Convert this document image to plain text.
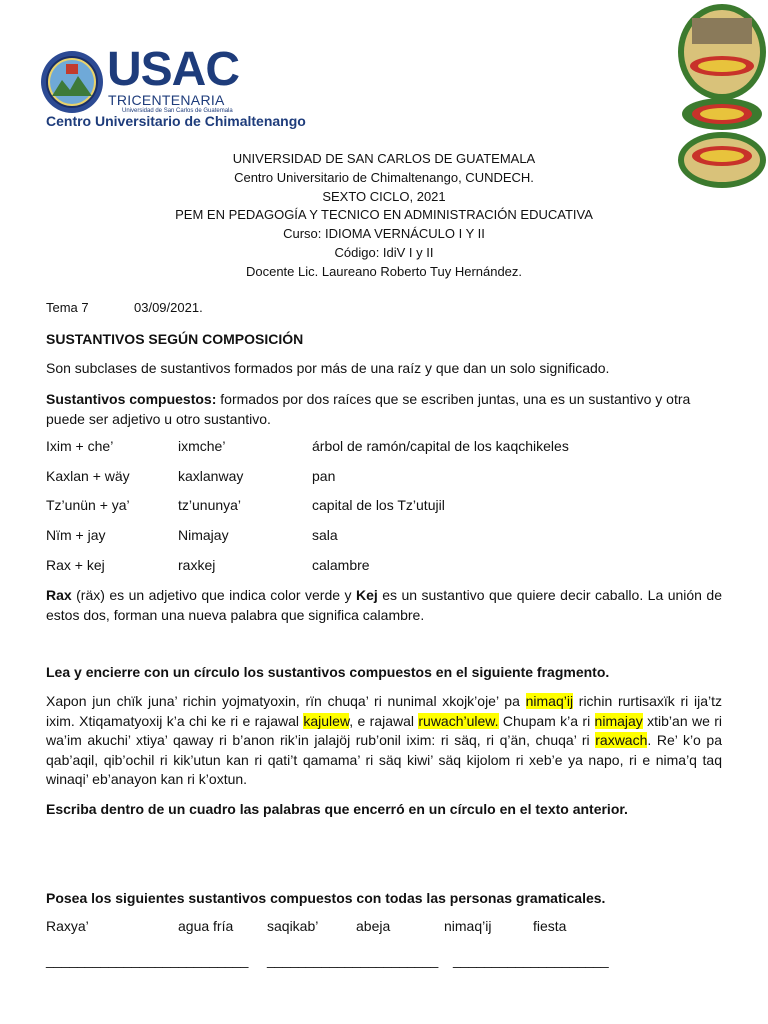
USAC
TRICENTENARIA
Universidad de San Carlos de Guatemala
Centro Universitario de Chimaltenango
UNIVERSIDAD DE SAN CARLOS DE GUATEMALA
Centro Universitario de Chimaltenango, CUNDECH.
SEXTO CICLO, 2021
PEM EN PEDAGOGÍA Y TECNICO EN ADMINISTRACIÓN EDUCATIVA
Curso: IDIOMA VERNÁCULO I Y II
Código: IdiV I y II
Docente Lic. Laureano Roberto Tuy Hernández.
Tema 7	03/09/2021.
SUSTANTIVOS SEGÚN COMPOSICIÓN
Son subclases de sustantivos formados por más de una raíz y que dan un solo significado.
Sustantivos compuestos: formados por dos raíces que se escriben juntas, una es un sustantivo y otra puede ser adjetivo u otro sustantivo.
Ixim + che’	ixmche’	árbol de ramón/capital de los kaqchikeles
Kaxlan + wäy	kaxlanway	pan
Tz’unün + ya’	tz’ununya’	capital de los Tz’utujil
Nïm + jay	Nimajay	sala
Rax + kej	raxkej	calambre
Rax (räx) es un adjetivo que indica color verde y Kej es un sustantivo que quiere decir caballo. La unión de estos dos, forman una nueva palabra que significa calambre.
Lea y encierre con un círculo los sustantivos compuestos en el siguiente fragmento.
Xapon jun chïk juna’ richin yojmatyoxin, rïn chuqa’ ri nunimal xkojk’oje’ pa nimaq’ij richin rurtisaxïk ri ija’tz ixim. Xtiqamatyoxij k’a chi ke ri e rajawal kajulew, e rajawal ruwach’ulew. Chupam k’a ri nimajay xtib’an we ri wa’im akuchi’ xtiya’ qaway ri b’anon rik’in jalajöj rub’onil ixim: ri säq, ri q’än, chuqa’ ri raxwach. Re’ k’o pa qab’aqil, qib’ochil ri kik’utun kan ri qati’t qamama’ ri säq kiwi’ säq kijolom ri xeb’e ya napo, ri e nima’q taq winaqi’ eb’anayon kan ri k’oxtun.
Escriba dentro de un cuadro las palabras que encerró en un círculo en el texto anterior.
Posea los siguientes sustantivos compuestos con todas las personas gramaticales.
Raxya’	agua fría saqikab’	abeja	nimaq’ij	fiesta
__________________________ ______________________ ____________________
